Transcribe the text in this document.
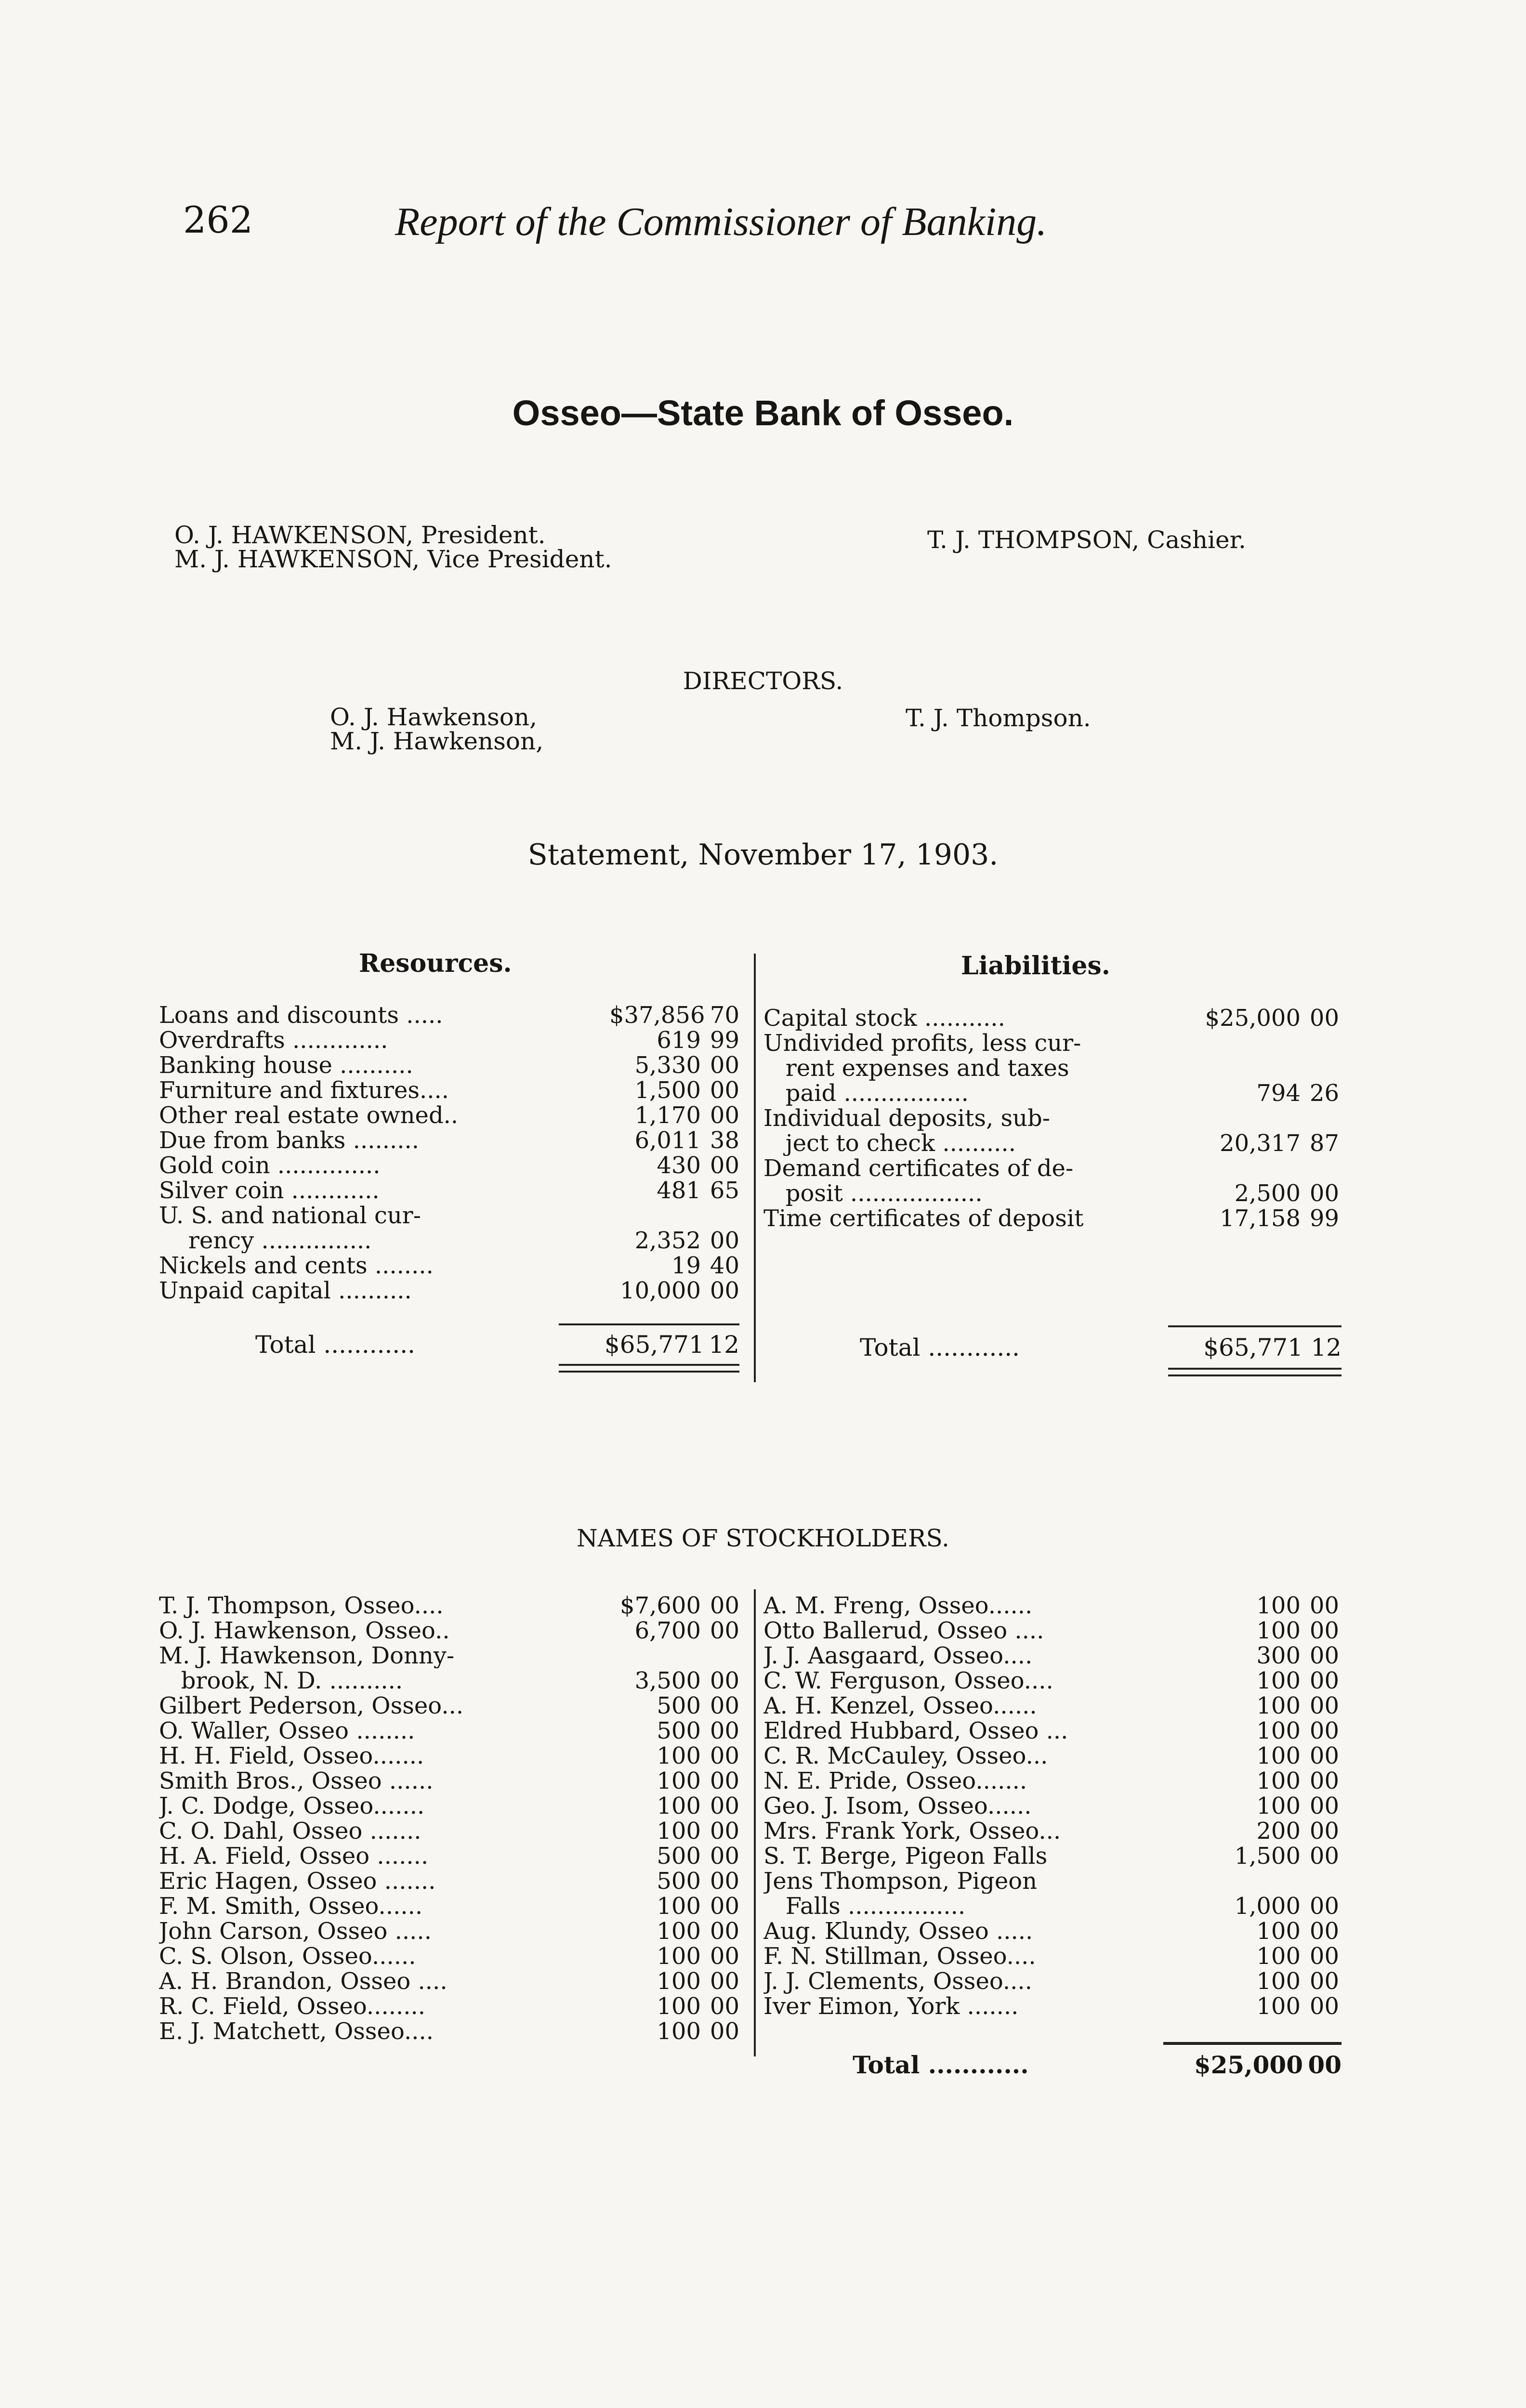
262	Report of the Commissioner of Banking.
Osseo—State Bank of Osseo.
O. J. HAWKENSON, President.
M. J. HAWKENSON, Vice President.
T. J. THOMPSON, Cashier.
DIRECTORS.
O. J. Hawkenson,
M. J. Hawkenson,
T. J. Thompson.
Statement, November 17, 1903.
Resources.	Liabilities.
Loans and discounts .....	$37,856 70
Overdrafts .............	619 99
Banking house ..........	5,330 00
Furniture and fixtures....	1,500 00
Other real estate owned..	1,170 00
Due from banks .........	6,011 38
Gold coin ..............	430 00
Silver coin ............	481 65
U. S. and national cur-
rency ...............	2,352 00
Nickels and cents ........	19 40
Unpaid capital ..........	10,000 00
Total ............	$65,771 12
Capital stock ...........	$25,000 00
Undivided profits, less cur-
rent expenses and taxes
paid .................	794 26
Individual deposits, sub-
ject to check ..........	20,317 87
Demand certificates of de-
posit ..................	2,500 00
Time certificates of deposit	17,158 99
Total ............	$65,771 12
NAMES OF STOCKHOLDERS.
T. J. Thompson, Osseo....	$7,600 00
O. J. Hawkenson, Osseo..	6,700 00
M. J. Hawkenson, Donny-
brook, N. D. ..........	3,500 00
Gilbert Pederson, Osseo...	500 00
O. Waller, Osseo ........	500 00
H. H. Field, Osseo.......	100 00
Smith Bros., Osseo ......	100 00
J. C. Dodge, Osseo.......	100 00
C. O. Dahl, Osseo .......	100 00
H. A. Field, Osseo .......	500 00
Eric Hagen, Osseo .......	500 00
F. M. Smith, Osseo......	100 00
John Carson, Osseo .....	100 00
C. S. Olson, Osseo......	100 00
A. H. Brandon, Osseo ....	100 00
R. C. Field, Osseo........	100 00
E. J. Matchett, Osseo....	100 00
A. M. Freng, Osseo......	100 00
Otto Ballerud, Osseo ....	100 00
J. J. Aasgaard, Osseo....	300 00
C. W. Ferguson, Osseo....	100 00
A. H. Kenzel, Osseo......	100 00
Eldred Hubbard, Osseo ...	100 00
C. R. McCauley, Osseo...	100 00
N. E. Pride, Osseo.......	100 00
Geo. J. Isom, Osseo......	100 00
Mrs. Frank York, Osseo...	200 00
S. T. Berge, Pigeon Falls	1,500 00
Jens Thompson, Pigeon
Falls ................	1,000 00
Aug. Klundy, Osseo .....	100 00
F. N. Stillman, Osseo....	100 00
J. J. Clements, Osseo....	100 00
Iver Eimon, York .......	100 00
Total ............	$25,000 00
